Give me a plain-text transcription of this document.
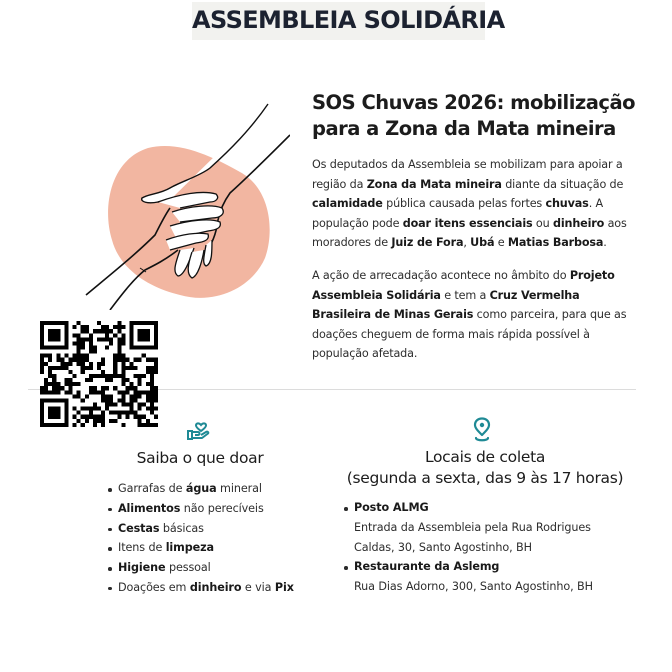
ASSEMBLEIA SOLIDÁRIA
SOS Chuvas 2026: mobilização
para a Zona da Mata mineira
Os deputados da Assembleia se mobilizam para apoiar a região da Zona da Mata mineira diante da situação de calamidade pública causada pelas fortes chuvas. A população pode doar itens essenciais ou dinheiro aos moradores de Juiz de Fora, Ubá e Matias Barbosa.
A ação de arrecadação acontece no âmbito do Projeto Assembleia Solidária e tem a Cruz Vermelha Brasileira de Minas Gerais como parceira, para que as doações cheguem de forma mais rápida possível à população afetada.
Saiba o que doar
Garrafas de água mineral
Alimentos não perecíveis
Cestas básicas
Itens de limpeza
Higiene pessoal
Doações em dinheiro e via Pix
Locais de coleta
(segunda a sexta, das 9 às 17 horas)
Posto ALMG
Entrada da Assembleia pela Rua Rodrigues
Caldas, 30, Santo Agostinho, BH
Restaurante da Aslemg
Rua Dias Adorno, 300, Santo Agostinho, BH
